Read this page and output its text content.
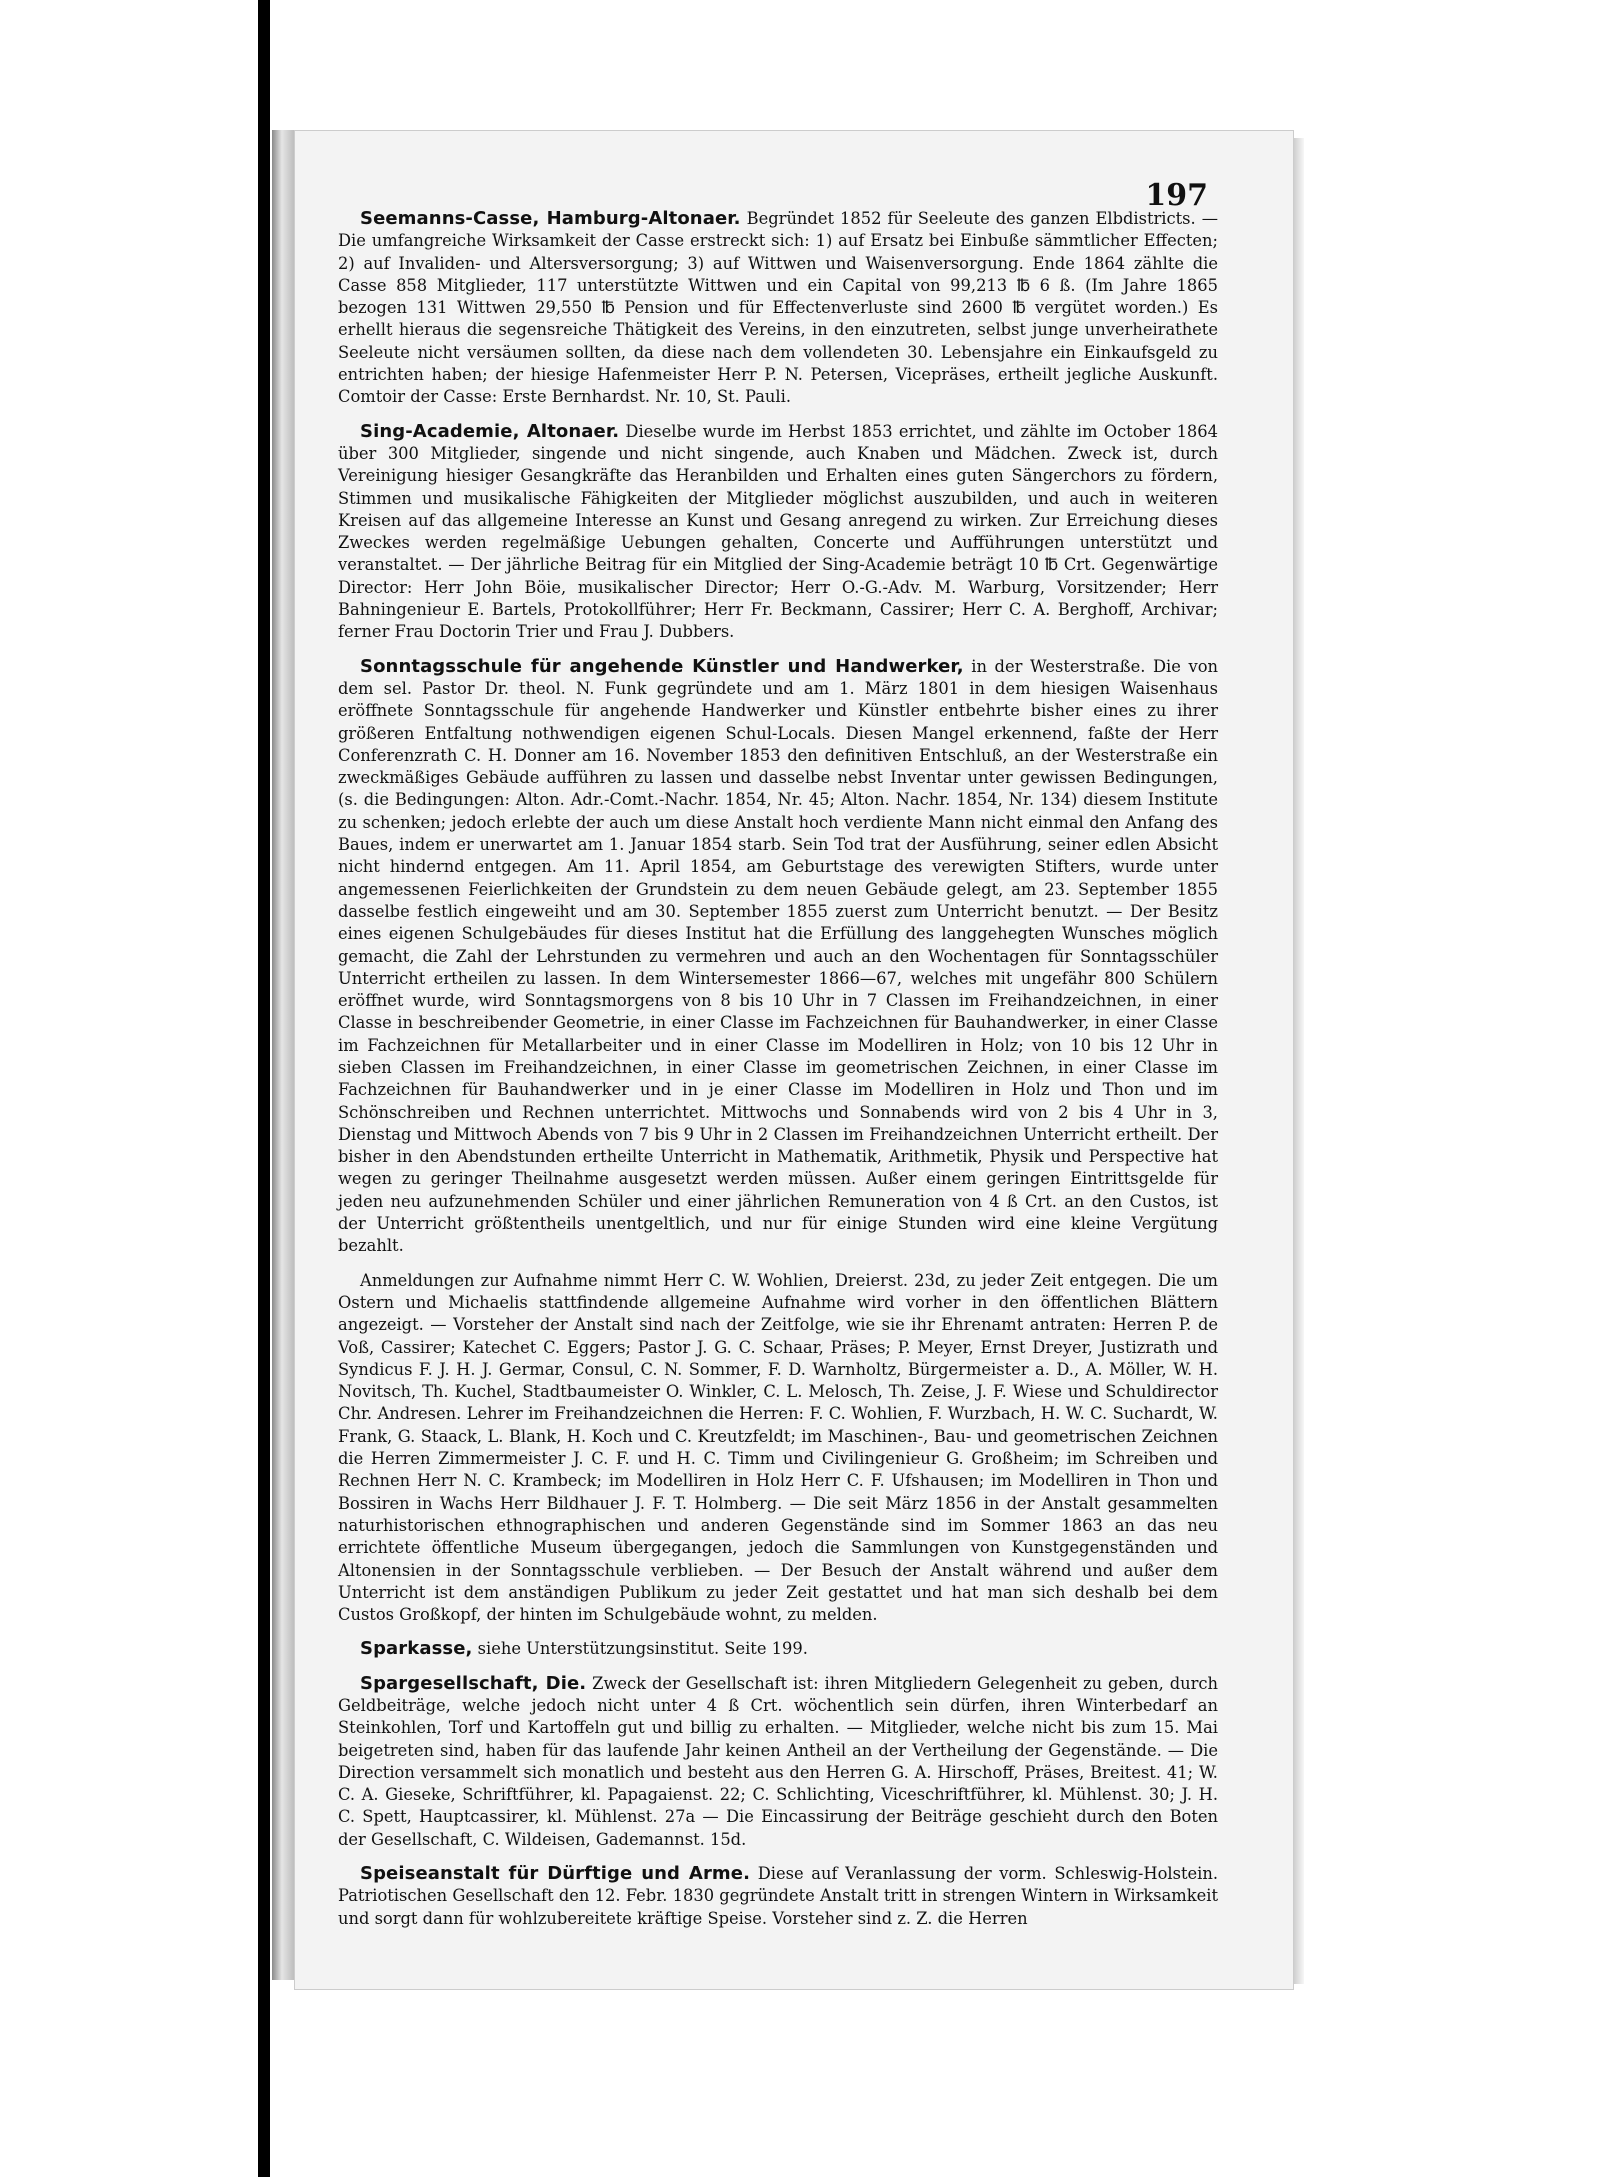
197

Seemanns-Casse, Hamburg-Altonaer. Begründet 1852 für Seeleute des ganzen Elbdistricts. — Die umfangreiche Wirksamkeit der Casse erstreckt sich: 1) auf Ersatz bei Einbuße sämmtlicher Effecten; 2) auf Invaliden- und Altersversorgung; 3) auf Wittwen und Waisenversorgung. Ende 1864 zählte die Casse 858 Mitglieder, 117 unterstützte Wittwen und ein Capital von 99,213 ℔ 6 ß. (Im Jahre 1865 bezogen 131 Wittwen 29,550 ℔ Pension und für Effectenverluste sind 2600 ℔ vergütet worden.) Es erhellt hieraus die segensreiche Thätigkeit des Vereins, in den einzutreten, selbst junge unverheirathete Seeleute nicht versäumen sollten, da diese nach dem vollendeten 30. Lebensjahre ein Einkaufsgeld zu entrichten haben; der hiesige Hafenmeister Herr P. N. Petersen, Vicepräses, ertheilt jegliche Auskunft. Comtoir der Casse: Erste Bernhardst. Nr. 10, St. Pauli.

Sing-Academie, Altonaer. Dieselbe wurde im Herbst 1853 errichtet, und zählte im October 1864 über 300 Mitglieder, singende und nicht singende, auch Knaben und Mädchen. Zweck ist, durch Vereinigung hiesiger Gesangkräfte das Heranbilden und Erhalten eines guten Sängerchors zu fördern, Stimmen und musikalische Fähigkeiten der Mitglieder möglichst auszubilden, und auch in weiteren Kreisen auf das allgemeine Interesse an Kunst und Gesang anregend zu wirken. Zur Erreichung dieses Zweckes werden regelmäßige Uebungen gehalten, Concerte und Aufführungen unterstützt und veranstaltet. — Der jährliche Beitrag für ein Mitglied der Sing-Academie beträgt 10 ℔ Crt. Gegenwärtige Director: Herr John Böie, musikalischer Director; Herr O.-G.-Adv. M. Warburg, Vorsitzender; Herr Bahningenieur E. Bartels, Protokollführer; Herr Fr. Beckmann, Cassirer; Herr C. A. Berghoff, Archivar; ferner Frau Doctorin Trier und Frau J. Dubbers.

Sonntagsschule für angehende Künstler und Handwerker, in der Westerstraße. Die von dem sel. Pastor Dr. theol. N. Funk gegründete und am 1. März 1801 in dem hiesigen Waisenhaus eröffnete Sonntagsschule für angehende Handwerker und Künstler entbehrte bisher eines zu ihrer größeren Entfaltung nothwendigen eigenen Schul-Locals. Diesen Mangel erkennend, faßte der Herr Conferenzrath C. H. Donner am 16. November 1853 den definitiven Entschluß, an der Westerstraße ein zweckmäßiges Gebäude aufführen zu lassen und dasselbe nebst Inventar unter gewissen Bedingungen, (s. die Bedingungen: Alton. Adr.-Comt.-Nachr. 1854, Nr. 45; Alton. Nachr. 1854, Nr. 134) diesem Institute zu schenken; jedoch erlebte der auch um diese Anstalt hoch verdiente Mann nicht einmal den Anfang des Baues, indem er unerwartet am 1. Januar 1854 starb. Sein Tod trat der Ausführung, seiner edlen Absicht nicht hindernd entgegen. Am 11. April 1854, am Geburtstage des verewigten Stifters, wurde unter angemessenen Feierlichkeiten der Grundstein zu dem neuen Gebäude gelegt, am 23. September 1855 dasselbe festlich eingeweiht und am 30. September 1855 zuerst zum Unterricht benutzt. — Der Besitz eines eigenen Schulgebäudes für dieses Institut hat die Erfüllung des langgehegten Wunsches möglich gemacht, die Zahl der Lehrstunden zu vermehren und auch an den Wochentagen für Sonntagsschüler Unterricht ertheilen zu lassen. In dem Wintersemester 1866—67, welches mit ungefähr 800 Schülern eröffnet wurde, wird Sonntagsmorgens von 8 bis 10 Uhr in 7 Classen im Freihandzeichnen, in einer Classe in beschreibender Geometrie, in einer Classe im Fachzeichnen für Bauhandwerker, in einer Classe im Fachzeichnen für Metallarbeiter und in einer Classe im Modelliren in Holz; von 10 bis 12 Uhr in sieben Classen im Freihandzeichnen, in einer Classe im geometrischen Zeichnen, in einer Classe im Fachzeichnen für Bauhandwerker und in je einer Classe im Modelliren in Holz und Thon und im Schönschreiben und Rechnen unterrichtet. Mittwochs und Sonnabends wird von 2 bis 4 Uhr in 3, Dienstag und Mittwoch Abends von 7 bis 9 Uhr in 2 Classen im Freihandzeichnen Unterricht ertheilt. Der bisher in den Abendstunden ertheilte Unterricht in Mathematik, Arithmetik, Physik und Perspective hat wegen zu geringer Theilnahme ausgesetzt werden müssen. Außer einem geringen Eintrittsgelde für jeden neu aufzunehmenden Schüler und einer jährlichen Remuneration von 4 ß Crt. an den Custos, ist der Unterricht größtentheils unentgeltlich, und nur für einige Stunden wird eine kleine Vergütung bezahlt.

Anmeldungen zur Aufnahme nimmt Herr C. W. Wohlien, Dreierst. 23d, zu jeder Zeit entgegen. Die um Ostern und Michaelis stattfindende allgemeine Aufnahme wird vorher in den öffentlichen Blättern angezeigt. — Vorsteher der Anstalt sind nach der Zeitfolge, wie sie ihr Ehrenamt antraten: Herren P. de Voß, Cassirer; Katechet C. Eggers; Pastor J. G. C. Schaar, Präses; P. Meyer, Ernst Dreyer, Justizrath und Syndicus F. J. H. J. Germar, Consul, C. N. Sommer, F. D. Warnholtz, Bürgermeister a. D., A. Möller, W. H. Novitsch, Th. Kuchel, Stadtbaumeister O. Winkler, C. L. Melosch, Th. Zeise, J. F. Wiese und Schuldirector Chr. Andresen. Lehrer im Freihandzeichnen die Herren: F. C. Wohlien, F. Wurzbach, H. W. C. Suchardt, W. Frank, G. Staack, L. Blank, H. Koch und C. Kreutzfeldt; im Maschinen-, Bau- und geometrischen Zeichnen die Herren Zimmermeister J. C. F. und H. C. Timm und Civilingenieur G. Großheim; im Schreiben und Rechnen Herr N. C. Krambeck; im Modelliren in Holz Herr C. F. Ufshausen; im Modelliren in Thon und Bossiren in Wachs Herr Bildhauer J. F. T. Holmberg. — Die seit März 1856 in der Anstalt gesammelten naturhistorischen ethnographischen und anderen Gegenstände sind im Sommer 1863 an das neu errichtete öffentliche Museum übergegangen, jedoch die Sammlungen von Kunstgegenständen und Altonensien in der Sonntagsschule verblieben. — Der Besuch der Anstalt während und außer dem Unterricht ist dem anständigen Publikum zu jeder Zeit gestattet und hat man sich deshalb bei dem Custos Großkopf, der hinten im Schulgebäude wohnt, zu melden.

Sparkasse, siehe Unterstützungsinstitut. Seite 199.

Spargesellschaft, Die. Zweck der Gesellschaft ist: ihren Mitgliedern Gelegenheit zu geben, durch Geldbeiträge, welche jedoch nicht unter 4 ß Crt. wöchentlich sein dürfen, ihren Winterbedarf an Steinkohlen, Torf und Kartoffeln gut und billig zu erhalten. — Mitglieder, welche nicht bis zum 15. Mai beigetreten sind, haben für das laufende Jahr keinen Antheil an der Vertheilung der Gegenstände. — Die Direction versammelt sich monatlich und besteht aus den Herren G. A. Hirschoff, Präses, Breitest. 41; W. C. A. Gieseke, Schriftführer, kl. Papagaienst. 22; C. Schlichting, Viceschriftführer, kl. Mühlenst. 30; J. H. C. Spett, Hauptcassirer, kl. Mühlenst. 27a — Die Eincassirung der Beiträge geschieht durch den Boten der Gesellschaft, C. Wildeisen, Gademannst. 15d.

Speiseanstalt für Dürftige und Arme. Diese auf Veranlassung der vorm. Schleswig-Holstein. Patriotischen Gesellschaft den 12. Febr. 1830 gegründete Anstalt tritt in strengen Wintern in Wirksamkeit und sorgt dann für wohlzubereitete kräftige Speise. Vorsteher sind z. Z. die Herren
